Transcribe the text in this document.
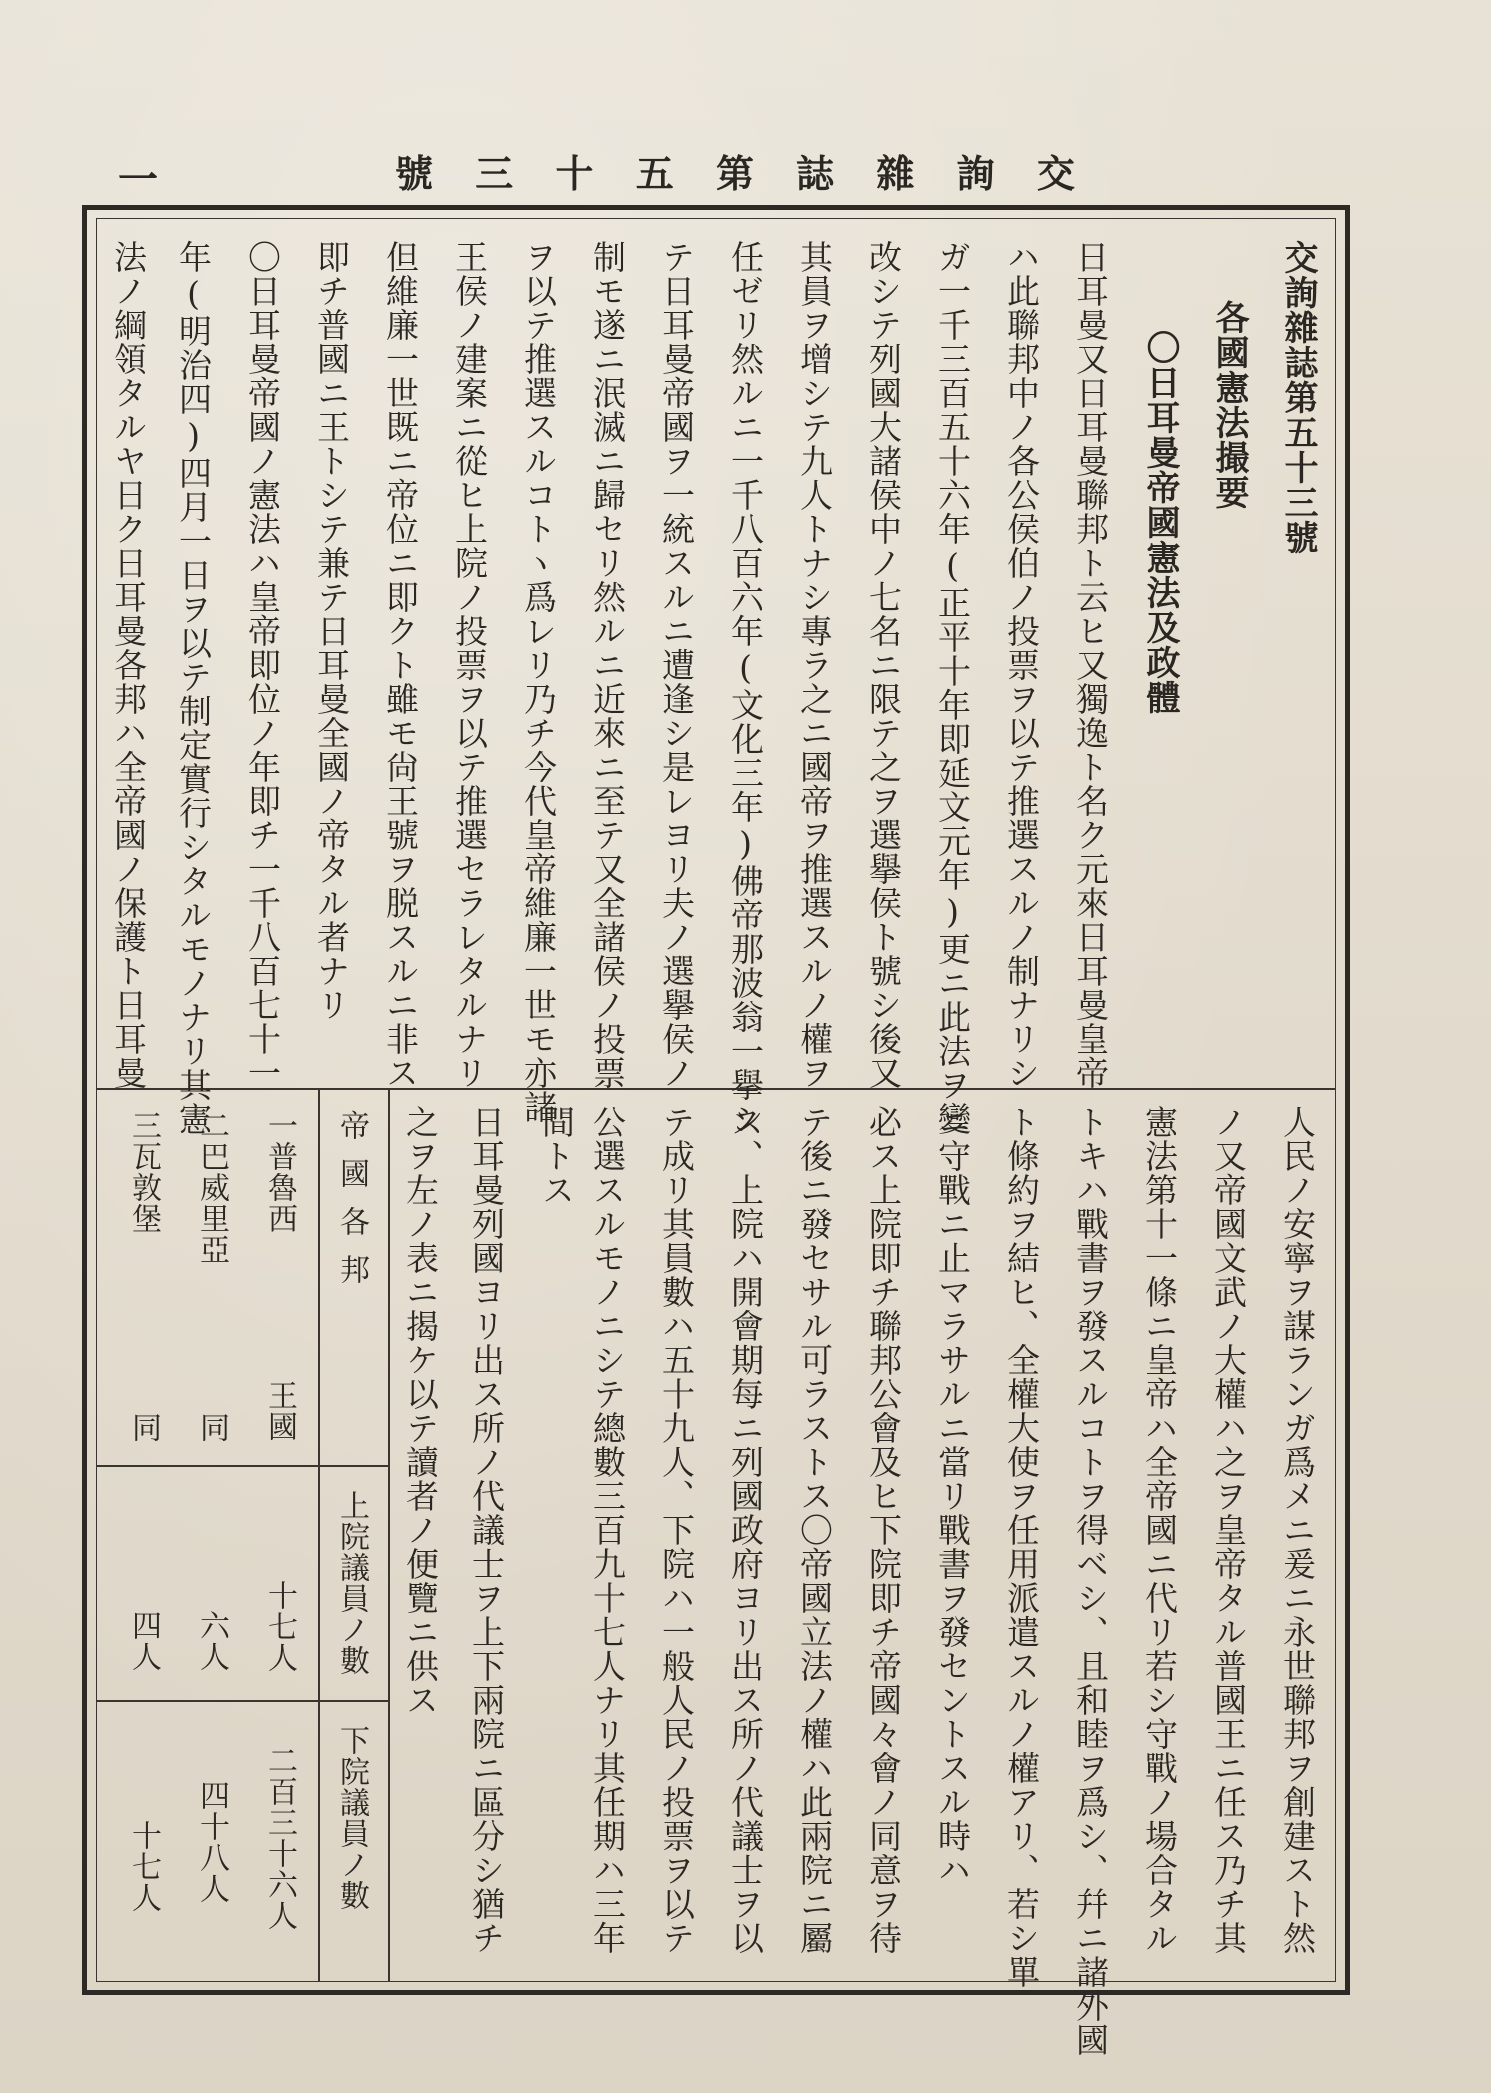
交
詢
雜
誌
第
五
十
三
號
一
交詢雜誌第五十三號
各國憲法撮要
〇日耳曼帝國憲法及政體
日耳曼又日耳曼聯邦ト云ヒ又獨逸ト名ク元來日耳曼皇帝
ハ此聯邦中ノ各公侯伯ノ投票ヲ以テ推選スルノ制ナリシ
ガ一千三百五十六年(正平十年即延文元年)更ニ此法ヲ變
改シテ列國大諸侯中ノ七名ニ限テ之ヲ選擧侯ト號シ後又
其員ヲ增シテ九人トナシ專ラ之ニ國帝ヲ推選スルノ權ヲ
任ゼリ然ルニ一千八百六年(文化三年)佛帝那波翁一擧シ
テ日耳曼帝國ヲ一統スルニ遭逢シ是レヨリ夫ノ選擧侯ノ
制モ遂ニ泯滅ニ歸セリ然ルニ近來ニ至テ又全諸侯ノ投票
ヲ以テ推選スルコトヽ爲レリ乃チ今代皇帝維廉一世モ亦諸
王侯ノ建案ニ從ヒ上院ノ投票ヲ以テ推選セラレタルナリ
但維廉一世既ニ帝位ニ即クト雖モ尙王號ヲ脱スルニ非ス
即チ普國ニ王トシテ兼テ日耳曼全國ノ帝タル者ナリ
〇日耳曼帝國ノ憲法ハ皇帝即位ノ年即チ一千八百七十一
年(明治四)四月一日ヲ以テ制定實行シタルモノナリ其憲
法ノ綱領タルヤ日ク日耳曼各邦ハ全帝國ノ保護ト日耳曼
人民ノ安寧ヲ謀ランガ爲メニ爰ニ永世聯邦ヲ創建スト然
ノ又帝國文武ノ大權ハ之ヲ皇帝タル普國王ニ任ス乃チ其
憲法第十一條ニ皇帝ハ全帝國ニ代リ若シ守戰ノ場合タル
トキハ戰書ヲ發スルコトヲ得ベシ、且和睦ヲ爲シ、幷ニ諸外國
ト條約ヲ結ヒ、全權大使ヲ任用派遣スルノ權アリ、若シ單
ニ守戰ニ止マラサルニ當リ戰書ヲ發セントスル時ハ
必ス上院即チ聯邦公會及ヒ下院即チ帝國々會ノ同意ヲ待
テ後ニ發セサル可ラストス〇帝國立法ノ權ハ此兩院ニ屬
ス、上院ハ開會期每ニ列國政府ヨリ出ス所ノ代議士ヲ以
テ成リ其員數ハ五十九人、下院ハ一般人民ノ投票ヲ以テ
公選スルモノニシテ總數三百九十七人ナリ其任期ハ三年
間トス
日耳曼列國ヨリ出ス所ノ代議士ヲ上下兩院ニ區分シ猶チ
之ヲ左ノ表ニ揭ケ以テ讀者ノ便覽ニ供ス
帝國各邦
上院議員ノ數
下院議員ノ數
一普魯西
王國
十七人
二百三十六人
二巴威里亞
同
六人
四十八人
三瓦敦堡
同
四人
十七人
